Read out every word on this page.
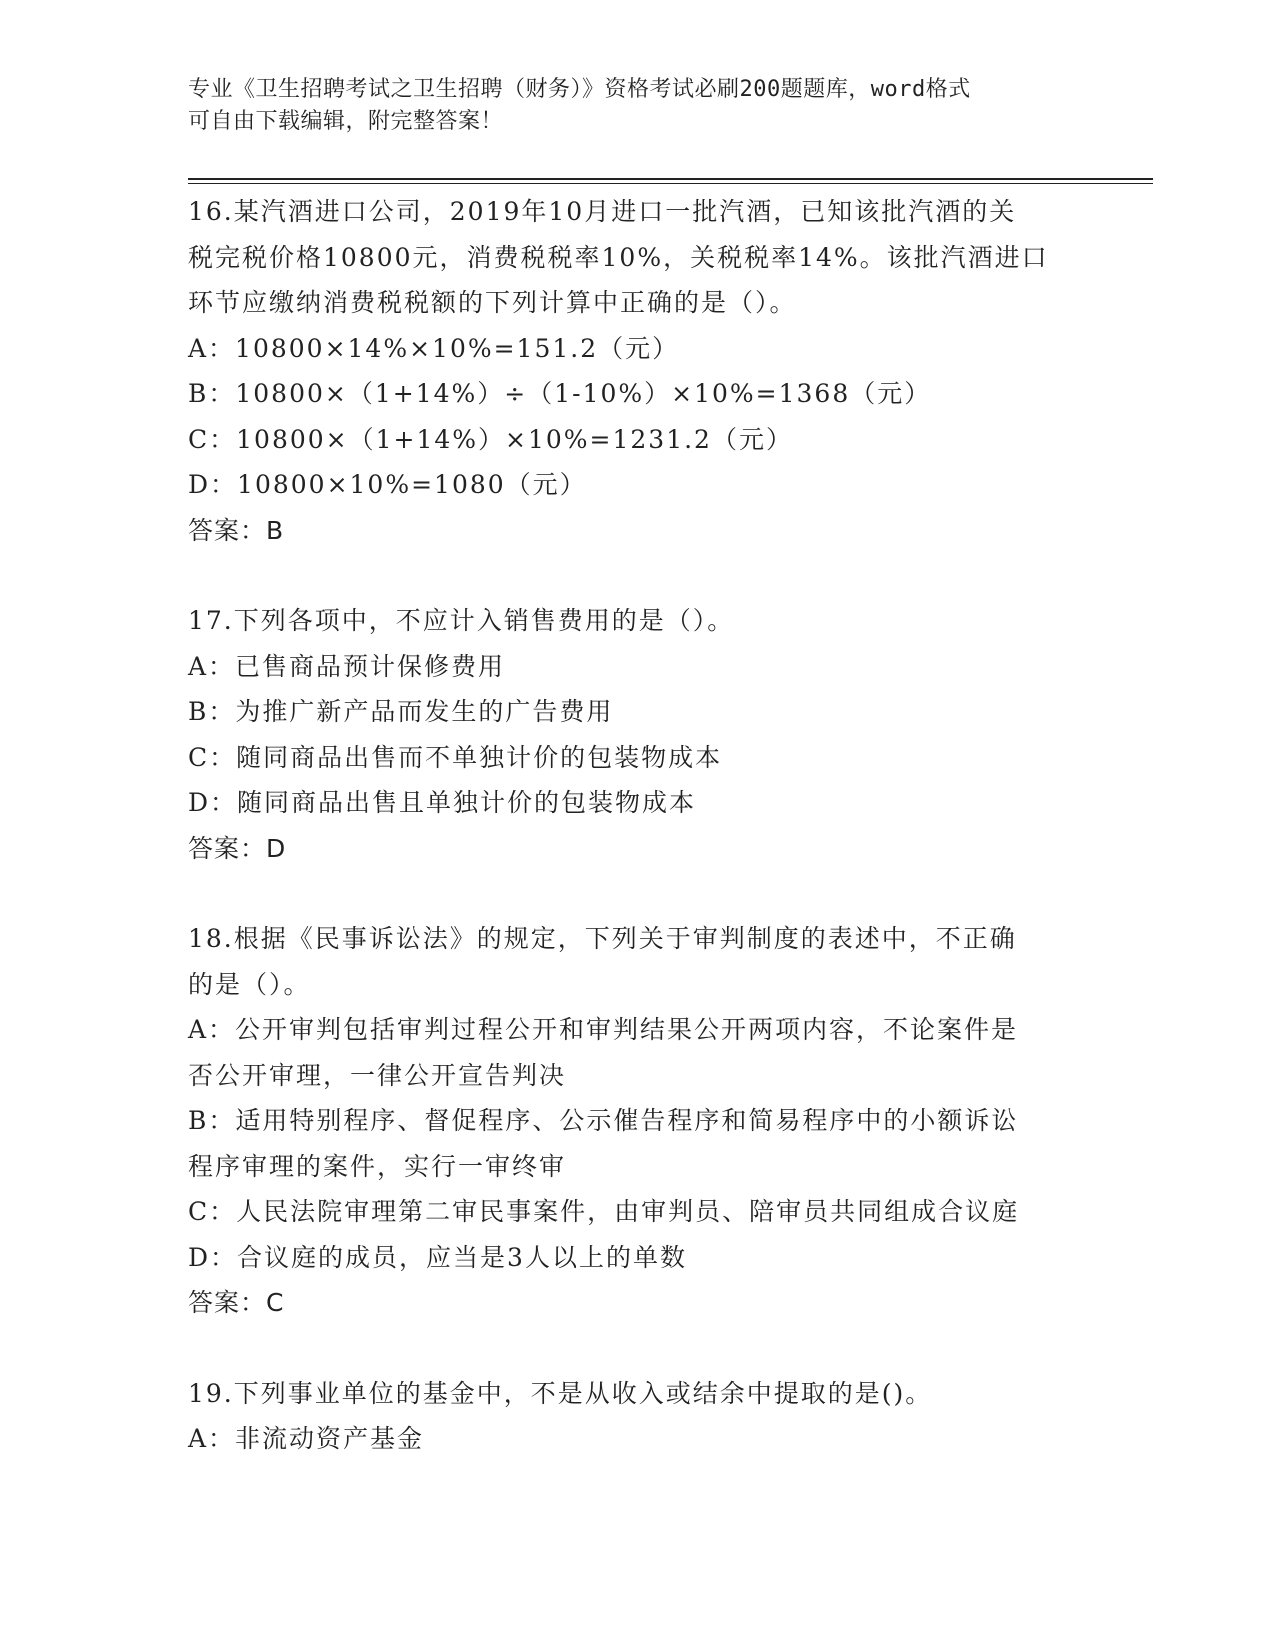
专业《卫生招聘考试之卫生招聘（财务）》资格考试必刷200题题库，word格式
可自由下载编辑，附完整答案！
16.某汽酒进口公司，2019年10月进口一批汽酒，已知该批汽酒的关
税完税价格10800元，消费税税率10%，关税税率14%。该批汽酒进口
环节应缴纳消费税税额的下列计算中正确的是（）。
A：10800×14%×10%=151.2（元）
B：10800×（1+14%）÷（1-10%）×10%=1368（元）
C：10800×（1+14%）×10%=1231.2（元）
D：10800×10%=1080（元）
答案：B
17.下列各项中，不应计入销售费用的是（）。
A：已售商品预计保修费用
B：为推广新产品而发生的广告费用
C：随同商品出售而不单独计价的包装物成本
D：随同商品出售且单独计价的包装物成本
答案：D
18.根据《民事诉讼法》的规定，下列关于审判制度的表述中，不正确
的是（）。
A：公开审判包括审判过程公开和审判结果公开两项内容，不论案件是
否公开审理，一律公开宣告判决
B：适用特别程序、督促程序、公示催告程序和简易程序中的小额诉讼
程序审理的案件，实行一审终审
C：人民法院审理第二审民事案件，由审判员、陪审员共同组成合议庭
D：合议庭的成员，应当是3人以上的单数
答案：C
19.下列事业单位的基金中，不是从收入或结余中提取的是()。
A：非流动资产基金
